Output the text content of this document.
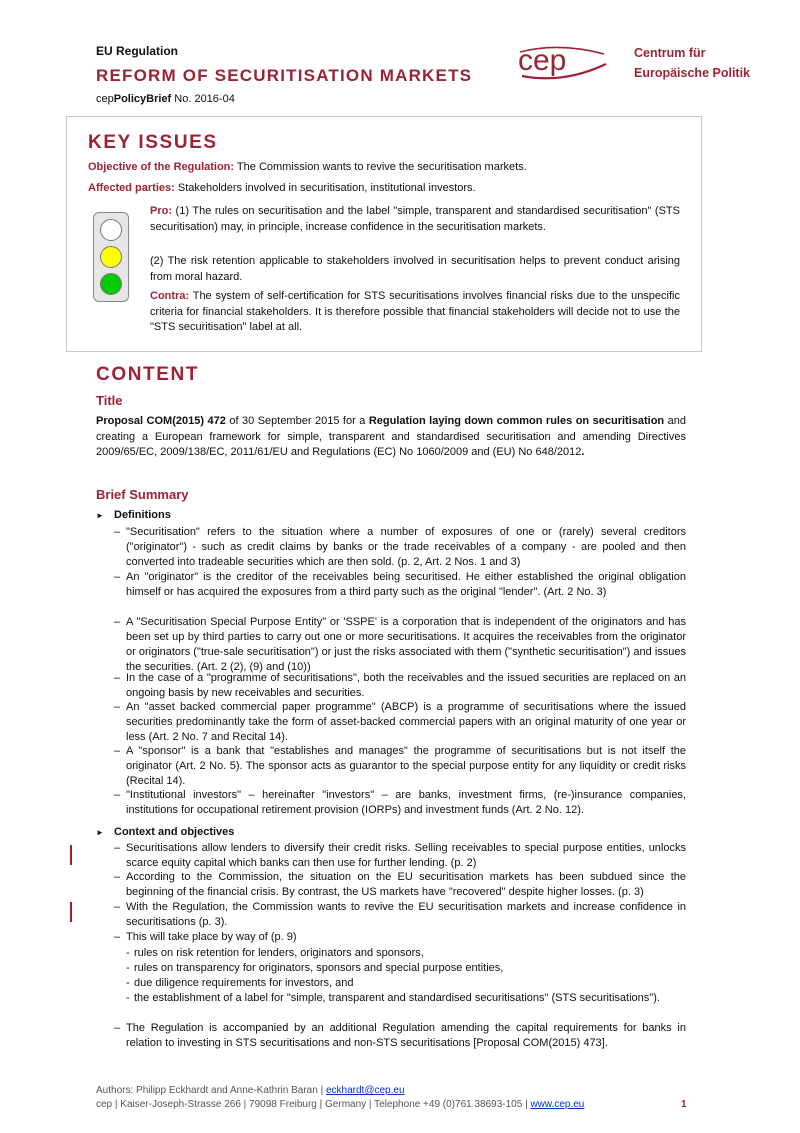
EU Regulation
REFORM OF SECURITISATION MARKETS
cepPolicyBrief No. 2016-04
cep	Centrum für
Europäische Politik
KEY ISSUES
Objective of the Regulation: The Commission wants to revive the securitisation markets.
Affected parties: Stakeholders involved in securitisation, institutional investors.
Pro: (1) The rules on securitisation and the label "simple, transparent and standardised securitisation" (STS securitisation) may, in principle, increase confidence in the securitisation markets.
(2) The risk retention applicable to stakeholders involved in securitisation helps to prevent conduct arising from moral hazard.
Contra: The system of self-certification for STS securitisations involves financial risks due to the unspecific criteria for financial stakeholders. It is therefore possible that financial stakeholders will decide not to use the "STS securitisation" label at all.
CONTENT
Title
Proposal COM(2015) 472 of 30 September 2015 for a Regulation laying down common rules on securitisation and creating a European framework for simple, transparent and standardised securitisation and amending Directives 2009/65/EC, 2009/138/EC, 2011/61/EU and Regulations (EC) No 1060/2009 and (EU) No 648/2012.
Brief Summary
► Definitions
– "Securitisation" refers to the situation where a number of exposures of one or (rarely) several creditors ("originator") - such as credit claims by banks or the trade receivables of a company - are pooled and then converted into tradeable securities which are then sold. (p. 2, Art. 2 Nos. 1 and 3)
– An "originator" is the creditor of the receivables being securitised. He either established the original obligation himself or has acquired the exposures from a third party such as the original "lender". (Art. 2 No. 3)
– A "Securitisation Special Purpose Entity" or 'SSPE' is a corporation that is independent of the originators and has been set up by third parties to carry out one or more securitisations. It acquires the receivables from the originator or originators ("true-sale securitisation") or just the risks associated with them ("synthetic securitisation") and issues the securities. (Art. 2 (2), (9) and (10))
– In the case of a "programme of securitisations", both the receivables and the issued securities are replaced on an ongoing basis by new receivables and securities.
– An "asset backed commercial paper programme" (ABCP) is a programme of securitisations where the issued securities predominantly take the form of asset-backed commercial papers with an original maturity of one year or less (Art. 2 No. 7 and Recital 14).
– A "sponsor" is a bank that "establishes and manages" the programme of securitisations but is not itself the originator (Art. 2 No. 5). The sponsor acts as guarantor to the special purpose entity for any liquidity or credit risks (Recital 14).
– "Institutional investors" – hereinafter "investors" – are banks, investment firms, (re-)insurance companies, institutions for occupational retirement provision (IORPs) and investment funds (Art. 2 No. 12).
► Context and objectives
– Securitisations allow lenders to diversify their credit risks. Selling receivables to special purpose entities, unlocks scarce equity capital which banks can then use for further lending. (p. 2)
– According to the Commission, the situation on the EU securitisation markets has been subdued since the beginning of the financial crisis. By contrast, the US markets have "recovered" despite higher losses. (p. 3)
– With the Regulation, the Commission wants to revive the EU securitisation markets and increase confidence in securitisations (p. 3).
– This will take place by way of (p. 9)
- rules on risk retention for lenders, originators and sponsors,
- rules on transparency for originators, sponsors and special purpose entities,
- due diligence requirements for investors, and
- the establishment of a label for "simple, transparent and standardised securitisations" (STS securitisations").
– The Regulation is accompanied by an additional Regulation amending the capital requirements for banks in relation to investing in STS securitisations and non-STS securitisations [Proposal COM(2015) 473].
Authors: Philipp Eckhardt and Anne-Kathrin Baran | eckhardt@cep.eu
cep | Kaiser-Joseph-Strasse 266 | 79098 Freiburg | Germany | Telephone +49 (0)761 38693-105 | www.cep.eu	1
